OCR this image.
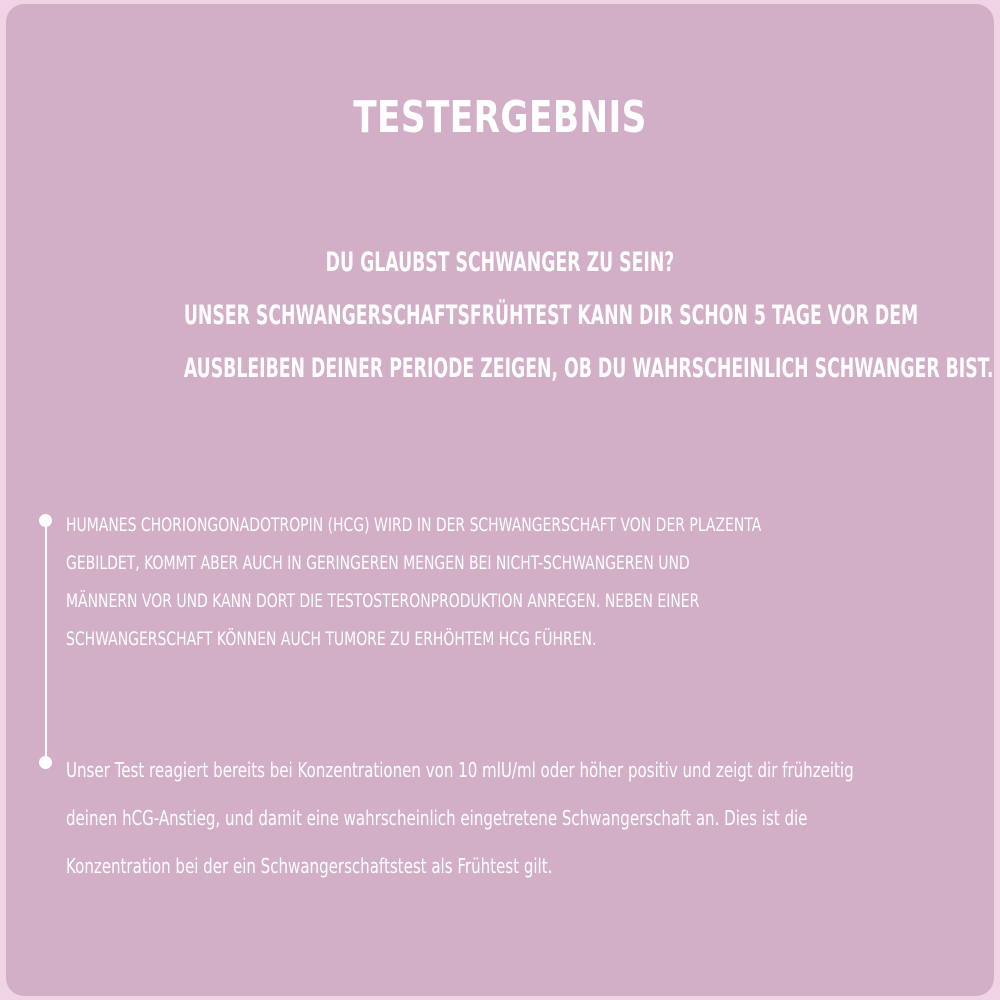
TESTERGEBNIS
DU GLAUBST SCHWANGER ZU SEIN?
UNSER SCHWANGERSCHAFTSFRÜHTEST KANN DIR SCHON 5 TAGE VOR DEM
AUSBLEIBEN DEINER PERIODE ZEIGEN, OB DU WAHRSCHEINLICH SCHWANGER BIST.
HUMANES CHORIONGONADOTROPIN (HCG) WIRD IN DER SCHWANGERSCHAFT VON DER PLAZENTA
GEBILDET, KOMMT ABER AUCH IN GERINGEREN MENGEN BEI NICHT-SCHWANGEREN UND
MÄNNERN VOR UND KANN DORT DIE TESTOSTERONPRODUKTION ANREGEN. NEBEN EINER
SCHWANGERSCHAFT KÖNNEN AUCH TUMORE ZU ERHÖHTEM HCG FÜHREN.
Unser Test reagiert bereits bei Konzentrationen von 10 mlU/ml oder höher positiv und zeigt dir frühzeitig
deinen hCG-Anstieg, und damit eine wahrscheinlich eingetretene Schwangerschaft an. Dies ist die
Konzentration bei der ein Schwangerschaftstest als Frühtest gilt.
